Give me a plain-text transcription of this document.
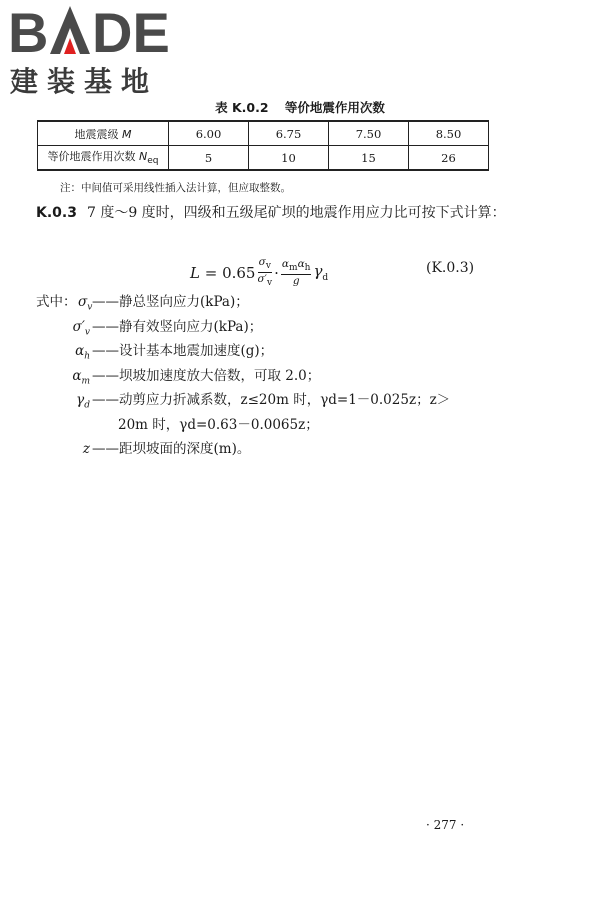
B DE
建装基地
表 K.0.2 等价地震作用次数
地震震级 M	6.00	6.75	7.50	8.50
等价地震作用次数 $N_{eq}$	5	10	15	26
注：中间值可采用线性插入法计算，但应取整数。
K.0.3 7 度～9 度时，四级和五级尾矿坝的地震作用应力比可按下式计算：
$L = 0.65 \frac{\sigma_v}{\sigma'_v} \cdot \frac{\alpha_m\alpha_h}{g} \gamma_d$
(K.0.3)
式中： $\sigma_v$ ——静总竖向应力(kPa)；
$\sigma'_v$ ——静有效竖向应力(kPa)；
$\alpha_h$ ——设计基本地震加速度(g)；
$\alpha_m$ ——坝坡加速度放大倍数，可取 2.0；
$\gamma_d$ ——动剪应力折减系数，z≤20m 时，γd=1－0.025z；z＞
20m 时，γd=0.63－0.0065z；
z ——距坝坡面的深度(m)。
· 277 ·
